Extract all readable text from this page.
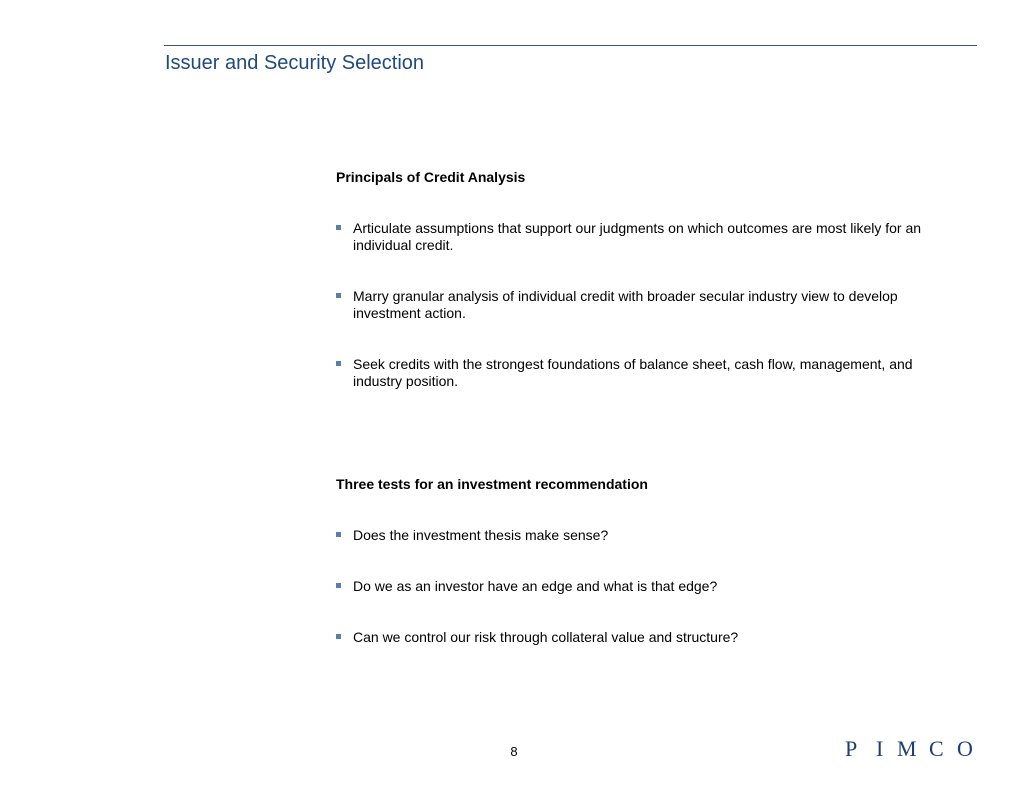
Issuer and Security Selection
Principals of Credit Analysis
Articulate assumptions that support our judgments on which outcomes are most likely for an individual credit.
Marry granular analysis of individual credit with broader secular industry view to develop investment action.
Seek credits with the strongest foundations of balance sheet, cash flow, management, and industry position.
Three tests for an investment recommendation
Does the investment thesis make sense?
Do we as an investor have an edge and what is that edge?
Can we control our risk through collateral value and structure?
8	P I M C O
